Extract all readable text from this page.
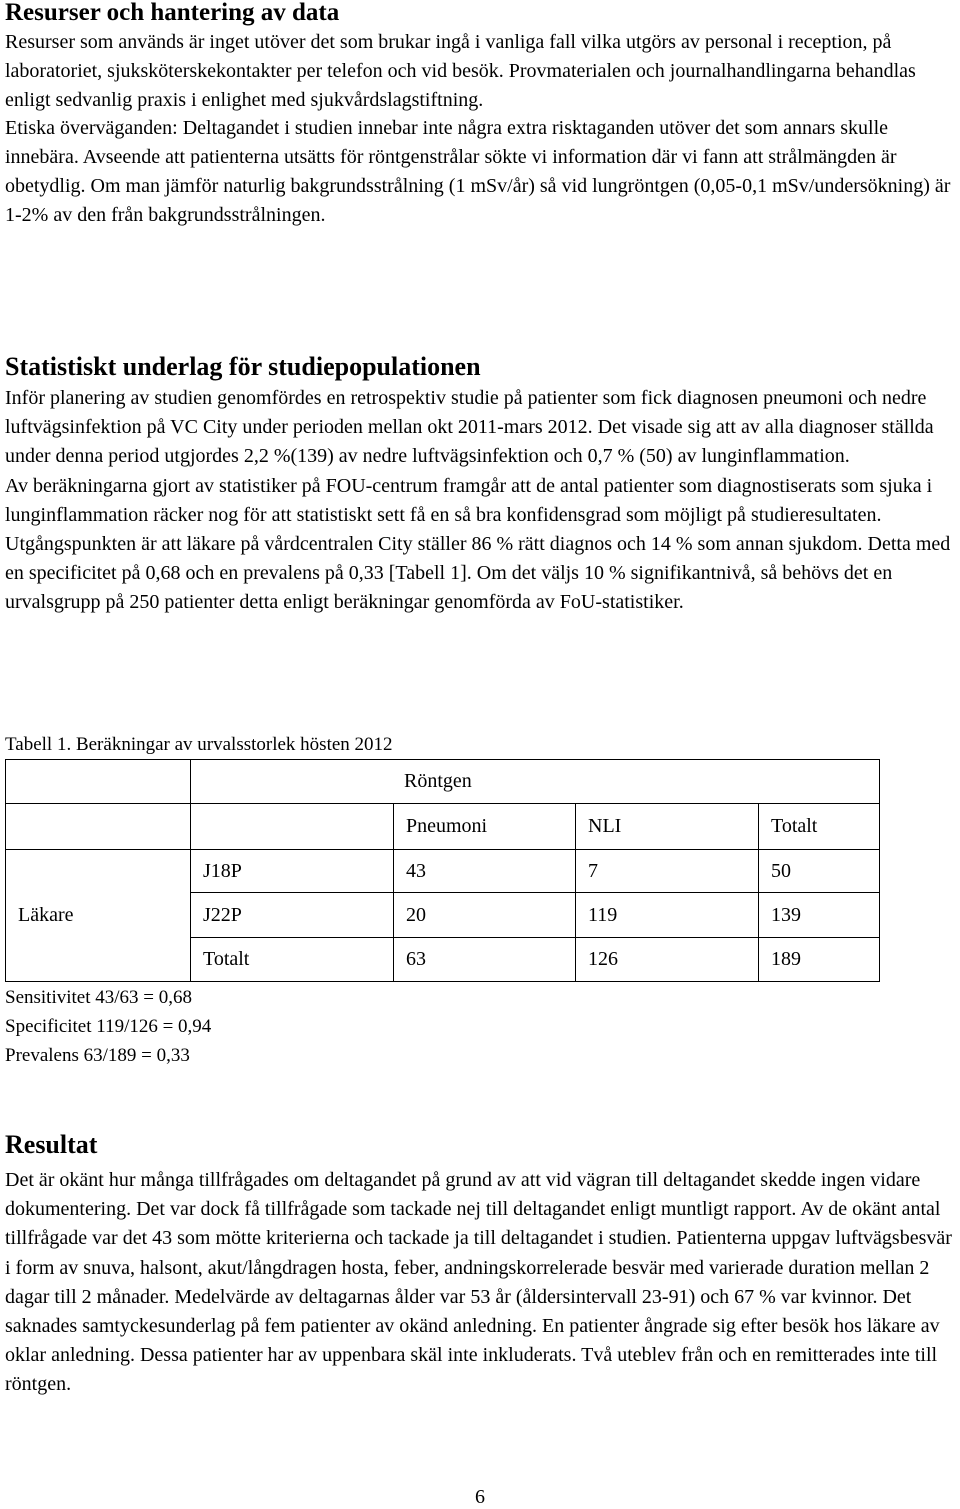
Resurser och hantering av data

Resurser som används är inget utöver det som brukar ingå i vanliga fall vilka utgörs av personal i reception, på laboratoriet, sjuksköterskekontakter per telefon och vid besök. Provmaterialen och journalhandlingarna behandlas enligt sedvanlig praxis i enlighet med sjukvårdslagstiftning.

Etiska överväganden: Deltagandet i studien innebar inte några extra risktaganden utöver det som annars skulle innebära. Avseende att patienterna utsätts för röntgenstrålar sökte vi information där vi fann att strålmängden är obetydlig. Om man jämför naturlig bakgrundsstrålning (1 mSv/år) så vid lungröntgen (0,05-0,1 mSv/undersökning) är 1-2% av den från bakgrundsstrålningen.

Statistiskt underlag för studiepopulationen

Inför planering av studien genomfördes en retrospektiv studie på patienter som fick diagnosen pneumoni och nedre luftvägsinfektion på VC City under perioden mellan okt 2011-mars 2012. Det visade sig att av alla diagnoser ställda under denna period utgjordes 2,2 %(139) av nedre luftvägsinfektion och 0,7 % (50) av lunginflammation.

Av beräkningarna gjort av statistiker på FOU-centrum framgår att de antal patienter som diagnostiserats som sjuka i lunginflammation räcker nog för att statistiskt sett få en så bra konfidensgrad som möjligt på studieresultaten. Utgångspunkten är att läkare på vårdcentralen City ställer 86 % rätt diagnos och 14 % som annan sjukdom. Detta med en specificitet på 0,68 och en prevalens på 0,33 [Tabell 1]. Om det väljs 10 % signifikantnivå, så behövs det en urvalsgrupp på 250 patienter detta enligt beräkningar genomförda av FoU-statistiker.

Tabell 1. Beräkningar av urvalsstorlek hösten 2012
	Röntgen			
		Pneumoni	NLI	Totalt
Läkare	J18P	43	7	50
	J22P	20	119	139
	Totalt	63	126	189
Sensitivitet 43/63 = 0,68
Specificitet 119/126 = 0,94
Prevalens 63/189 = 0,33
Resultat

Det är okänt hur många tillfrågades om deltagandet på grund av att vid vägran till deltagandet skedde ingen vidare dokumentering. Det var dock få tillfrågade som tackade nej till deltagandet enligt muntligt rapport. Av de okänt antal tillfrågade var det 43 som mötte kriterierna och tackade ja till deltagandet i studien. Patienterna uppgav luftvägsbesvär i form av snuva, halsont, akut/långdragen hosta, feber, andningskorrelerade besvär med varierade duration mellan 2 dagar till 2 månader. Medelvärde av deltagarnas ålder var 53 år (åldersintervall 23-91) och 67 % var kvinnor. Det saknades samtyckesunderlag på fem patienter av okänd anledning. En patienter ångrade sig efter besök hos läkare av oklar anledning. Dessa patienter har av uppenbara skäl inte inkluderats. Två uteblev från och en remitterades inte till röntgen.

6
